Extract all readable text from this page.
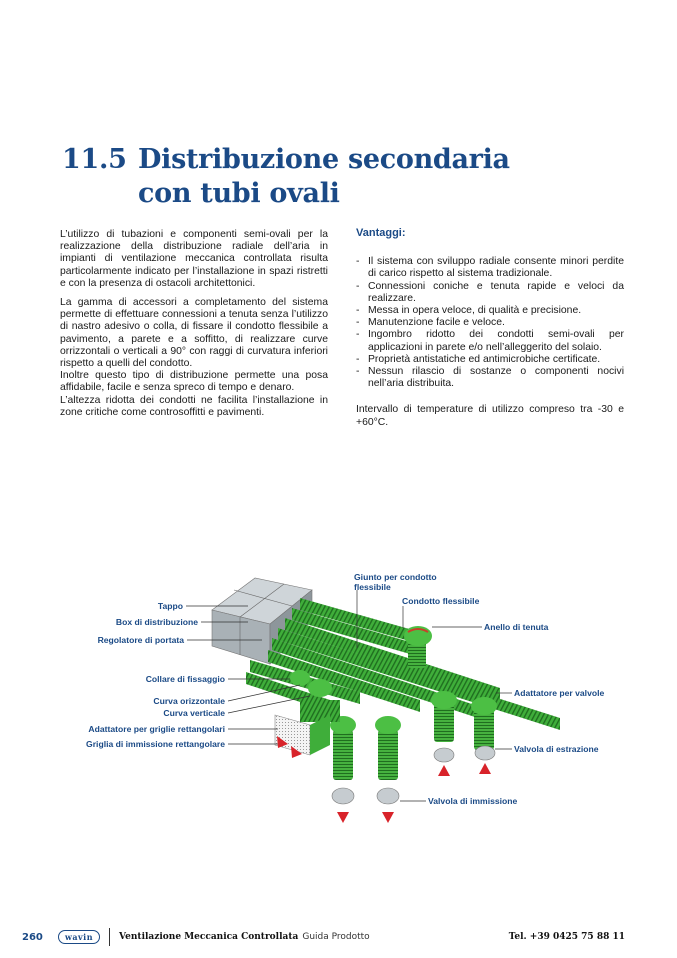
11.5 Distribuzione secondaria
con tubi ovali

L’utilizzo di tubazioni e componenti semi-ovali per la realizzazione della distribuzione radiale dell’aria in impianti di ventilazione meccanica controllata risulta particolarmente indicato per l’installazione in spazi ristretti e con la presenza di ostacoli architettonici.

La gamma di accessori a completamento del sistema permette di effettuare connessioni a tenuta senza l’utilizzo di nastro adesivo o colla, di fissare il condotto flessibile a pavimento, a parete e a soffitto, di realizzare curve orrizzontali o verticali a 90° con raggi di curvatura inferiori rispetto a quelli del condotto.

Inoltre questo tipo di distribuzione permette una posa affidabile, facile e senza spreco di tempo e denaro.

L’altezza ridotta dei condotti ne facilita l’installazione in zone critiche come controsoffitti e pavimenti.

Vantaggi:
- Il sistema con sviluppo radiale consente minori perdite di carico rispetto al sistema tradizionale.
- Connessioni coniche e tenuta rapide e veloci da realizzare.
- Messa in opera veloce, di qualità e precisione.
- Manutenzione facile e veloce.
- Ingombro ridotto dei condotti semi-ovali per applicazioni in parete e/o nell’alleggerito del solaio.
- Proprietà antistatiche ed antimicrobiche certificate.
- Nessun rilascio di sostanze o componenti nocivi nell’aria distribuita.

Intervallo di temperature di utilizzo compreso tra -30 e +60°C.

Tappo
Box di distribuzione
Regolatore di portata
Collare di fissaggio
Curva orizzontale
Curva verticale
Adattatore per griglie rettangolari
Griglia di immissione rettangolare
Giunto per condotto
flessibile
Condotto flessibile
Anello di tenuta
Adattatore per valvole
Valvola di estrazione
Valvola di immissione
260	wavin	Ventilazione Meccanica Controllata Guida Prodotto	Tel. +39 0425 75 88 11
